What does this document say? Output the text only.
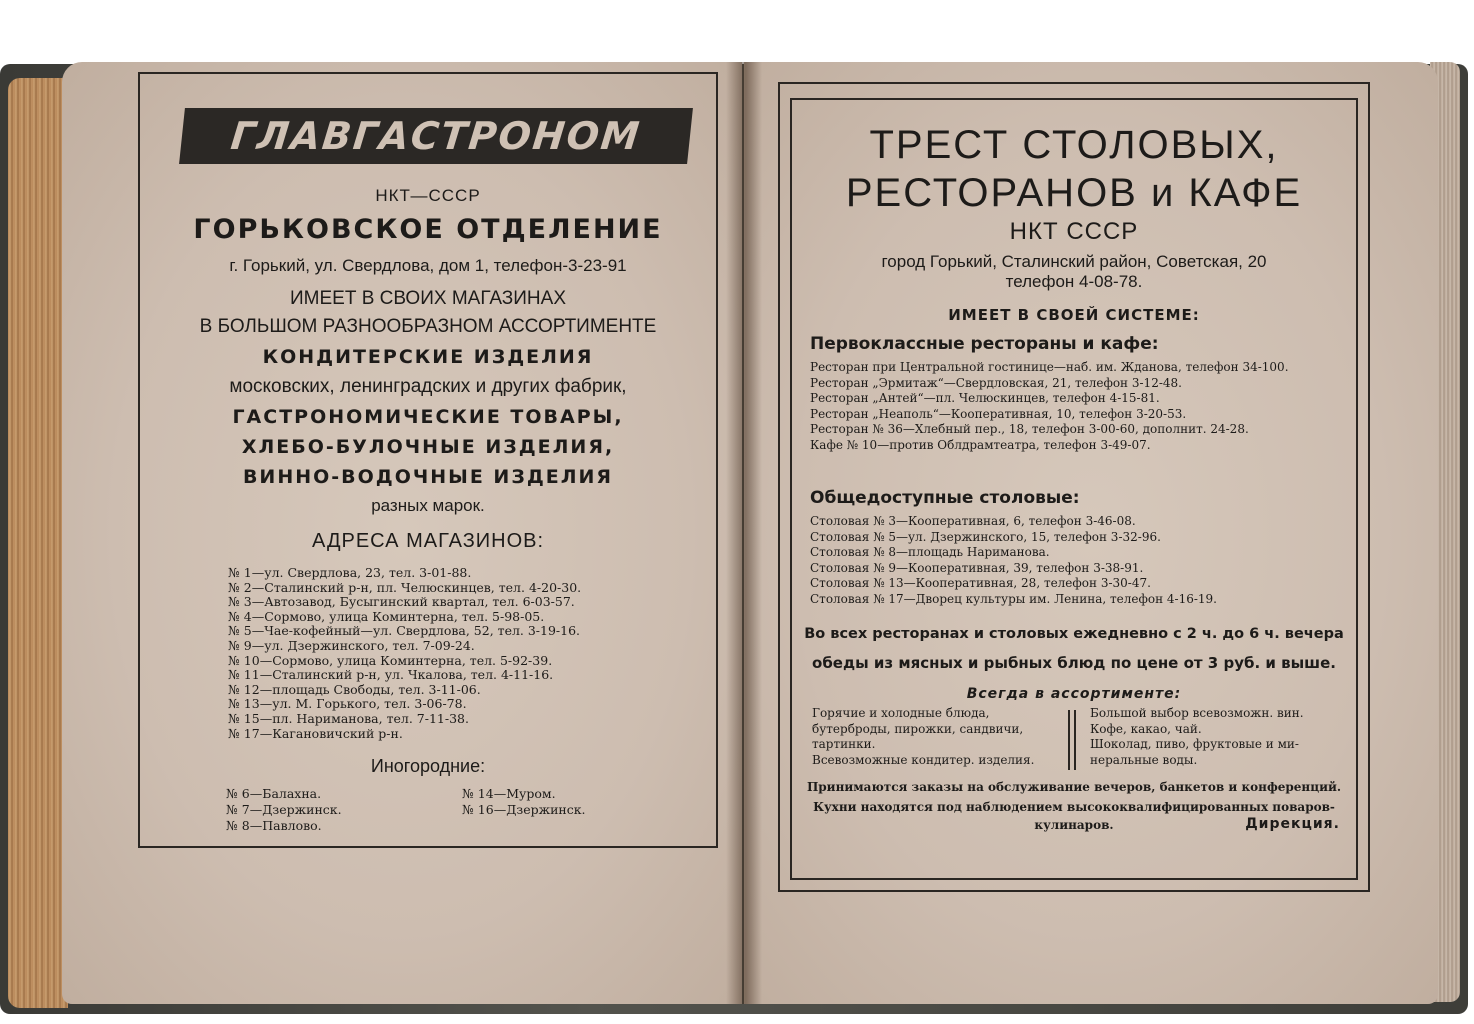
ГЛАВГАСТРОНОМ
НКТ—СССР
ГОРЬКОВСКОЕ ОТДЕЛЕНИЕ
г. Горький, ул. Свердлова, дом 1, телефон-3-23-91
ИМЕЕТ В СВОИХ МАГАЗИНАХ
В БОЛЬШОМ РАЗНООБРАЗНОМ АССОРТИМЕНТЕ
КОНДИТЕРСКИЕ ИЗДЕЛИЯ
московских, ленинградских и других фабрик,
ГАСТРОНОМИЧЕСКИЕ ТОВАРЫ,
ХЛЕБО-БУЛОЧНЫЕ ИЗДЕЛИЯ,
ВИННО-ВОДОЧНЫЕ ИЗДЕЛИЯ
разных марок.
АДРЕСА МАГАЗИНОВ:
№ 1—ул. Свердлова, 23, тел. 3-01-88.
№ 2—Сталинский р-н, пл. Челюскинцев, тел. 4-20-30.
№ 3—Автозавод, Бусыгинский квартал, тел. 6-03-57.
№ 4—Сормово, улица Коминтерна, тел. 5-98-05.
№ 5—Чае-кофейный—ул. Свердлова, 52, тел. 3-19-16.
№ 9—ул. Дзержинского, тел. 7-09-24.
№ 10—Сормово, улица Коминтерна, тел. 5-92-39.
№ 11—Сталинский р-н, ул. Чкалова, тел. 4-11-16.
№ 12—площадь Свободы, тел. 3-11-06.
№ 13—ул. М. Горького, тел. 3-06-78.
№ 15—пл. Нариманова, тел. 7-11-38.
№ 17—Кагановичский р-н.
Иногородние:
№ 6—Балахна.
№ 7—Дзержинск.
№ 8—Павлово.
№ 14—Муром.
№ 16—Дзержинск.
ТРЕСТ СТОЛОВЫХ,
РЕСТОРАНОВ и КАФЕ
НКТ СССР
город Горький, Сталинский район, Советская, 20
телефон 4-08-78.
ИМЕЕТ В СВОЕЙ СИСТЕМЕ:
Первоклассные рестораны и кафе:
Ресторан при Центральной гостинице—наб. им. Жданова, телефон 34-100.
Ресторан „Эрмитаж“—Свердловская, 21, телефон 3-12-48.
Ресторан „Антей“—пл. Челюскинцев, телефон 4-15-81.
Ресторан „Неаполь“—Кооперативная, 10, телефон 3-20-53.
Ресторан № 36—Хлебный пер., 18, телефон 3-00-60, дополнит. 24-28.
Кафе № 10—против Облдрамтеатра, телефон 3-49-07.
Общедоступные столовые:
Столовая № 3—Кооперативная, 6, телефон 3-46-08.
Столовая № 5—ул. Дзержинского, 15, телефон 3-32-96.
Столовая № 8—площадь Нариманова.
Столовая № 9—Кооперативная, 39, телефон 3-38-91.
Столовая № 13—Кооперативная, 28, телефон 3-30-47.
Столовая № 17—Дворец культуры им. Ленина, телефон 4-16-19.
Во всех ресторанах и столовых ежедневно с 2 ч. до 6 ч. вечера
обеды из мясных и рыбных блюд по цене от 3 руб. и выше.
Всегда в ассортименте:
Горячие и холодные блюда,
бутерброды, пирожки, сандвичи,
тартинки.
Всевозможные кондитер. изделия.
Большой выбор всевозможн. вин.
Кофе, какао, чай.
Шоколад, пиво, фруктовые и ми-
неральные воды.
Принимаются заказы на обслуживание вечеров, банкетов и конференций.
Кухни находятся под наблюдением высококвалифицированных поваров-
кулинаров.	Дирекция.
